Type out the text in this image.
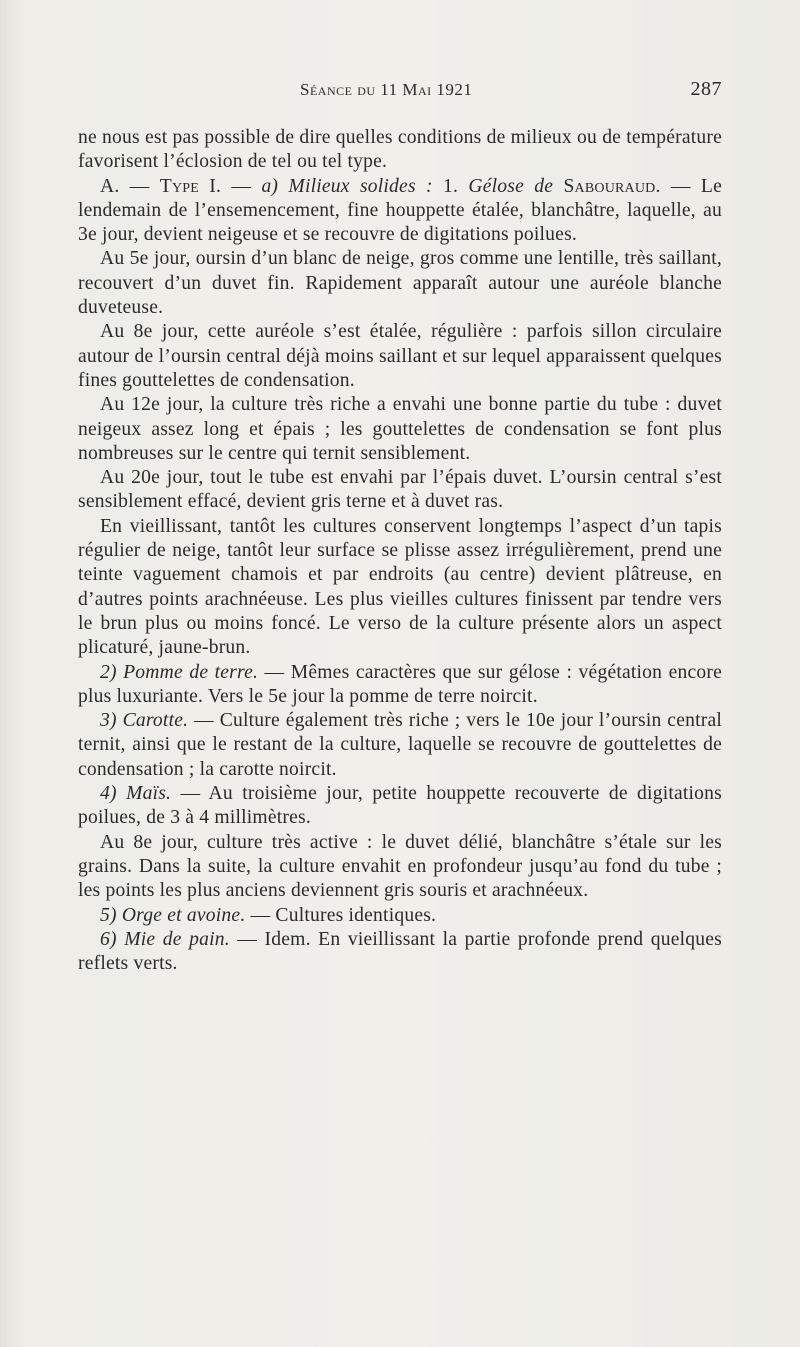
Séance du 11 Mai 1921	287

ne nous est pas possible de dire quelles conditions de milieux ou de température favorisent l’éclosion de tel ou tel type.

A. — Type I. — a) Milieux solides : 1. Gélose de Sabouraud. — Le lendemain de l’ensemencement, fine houppette étalée, blanchâtre, laquelle, au 3e jour, devient neigeuse et se recouvre de digitations poilues.

Au 5e jour, oursin d’un blanc de neige, gros comme une lentille, très saillant, recouvert d’un duvet fin. Rapidement apparaît autour une auréole blanche duveteuse.

Au 8e jour, cette auréole s’est étalée, régulière : parfois sillon circulaire autour de l’oursin central déjà moins saillant et sur lequel apparaissent quelques fines gouttelettes de condensation.

Au 12e jour, la culture très riche a envahi une bonne partie du tube : duvet neigeux assez long et épais ; les gouttelettes de condensation se font plus nombreuses sur le centre qui ternit sensiblement.

Au 20e jour, tout le tube est envahi par l’épais duvet. L’oursin central s’est sensiblement effacé, devient gris terne et à duvet ras.

En vieillissant, tantôt les cultures conservent longtemps l’aspect d’un tapis régulier de neige, tantôt leur surface se plisse assez irrégulièrement, prend une teinte vaguement chamois et par endroits (au centre) devient plâtreuse, en d’autres points arachnéeuse. Les plus vieilles cultures finissent par tendre vers le brun plus ou moins foncé. Le verso de la culture présente alors un aspect plicaturé, jaune-brun.

2) Pomme de terre. — Mêmes caractères que sur gélose : végétation encore plus luxuriante. Vers le 5e jour la pomme de terre noircit.

3) Carotte. — Culture également très riche ; vers le 10e jour l’oursin central ternit, ainsi que le restant de la culture, laquelle se recouvre de gouttelettes de condensation ; la carotte noircit.

4) Maïs. — Au troisième jour, petite houppette recouverte de digitations poilues, de 3 à 4 millimètres.

Au 8e jour, culture très active : le duvet délié, blanchâtre s’étale sur les grains. Dans la suite, la culture envahit en profondeur jusqu’au fond du tube ; les points les plus anciens deviennent gris souris et arachnéeux.

5) Orge et avoine. — Cultures identiques.

6) Mie de pain. — Idem. En vieillissant la partie profonde prend quelques reflets verts.
